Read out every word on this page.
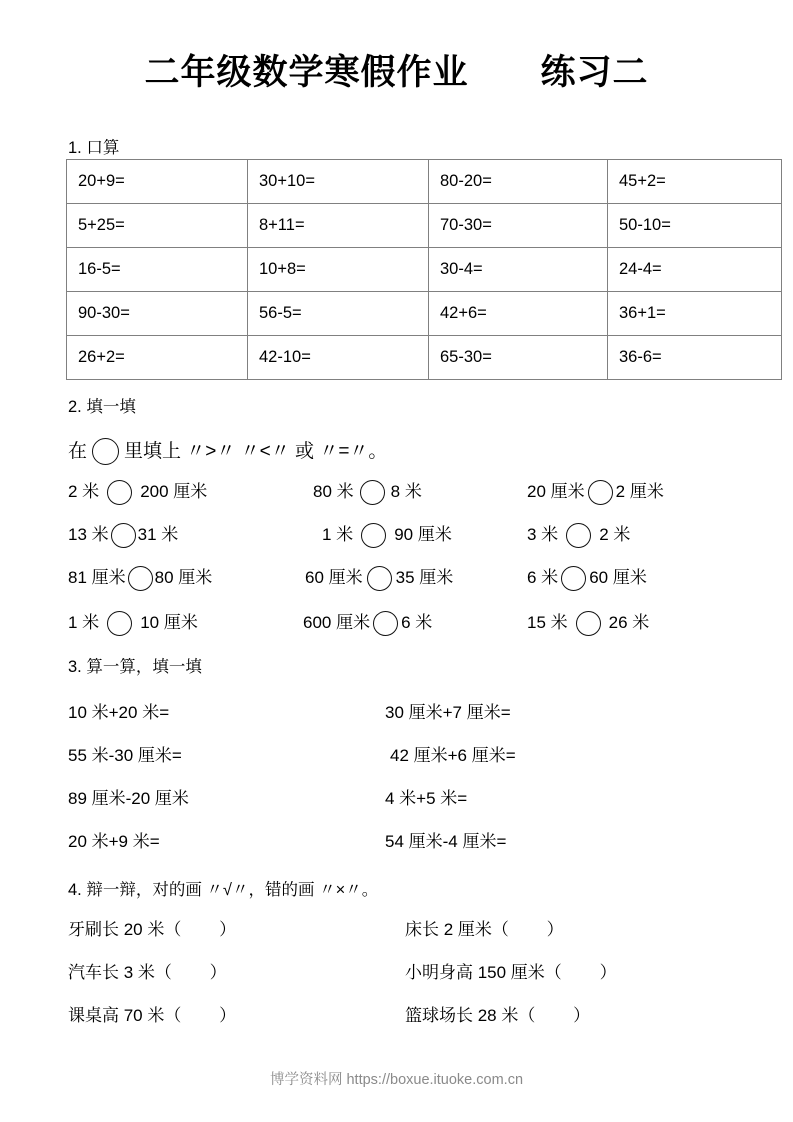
二年级数学寒假作业　　练习二
1. 口算
20+9=	30+10=	80-20=	45+2=
5+25=	8+11=	70-30=	50-10=
16-5=	10+8=	30-4=	24-4=
90-30=	56-5=	42+6=	36+1=
26+2=	42-10=	65-30=	36-6=
2. 填一填
在 里填上 〃>〃 〃<〃 或 〃=〃。
2 米 200 厘米	80 米 8 米	20 厘米 2 厘米
13 米 31 米	1 米 90 厘米	3 米 2 米
81 厘米 80 厘米	60 厘米 35 厘米	6 米 60 厘米
1 米 10 厘米	600 厘米 6 米	15 米 26 米
3. 算一算，填一填
10 米+20 米=	30 厘米+7 厘米=
55 米-30 厘米=	42 厘米+6 厘米=
89 厘米-20 厘米	4 米+5 米=
20 米+9 米=	54 厘米-4 厘米=
4. 辩一辩，对的画 〃√〃，错的画 〃×〃。
牙刷长 20 米（        ）	床长 2 厘米（        ）
汽车长 3 米（        ）	小明身高 150 厘米（        ）
课桌高 70 米（        ）	篮球场长 28 米（        ）
博学资料网 https://boxue.ituoke.com.cn
